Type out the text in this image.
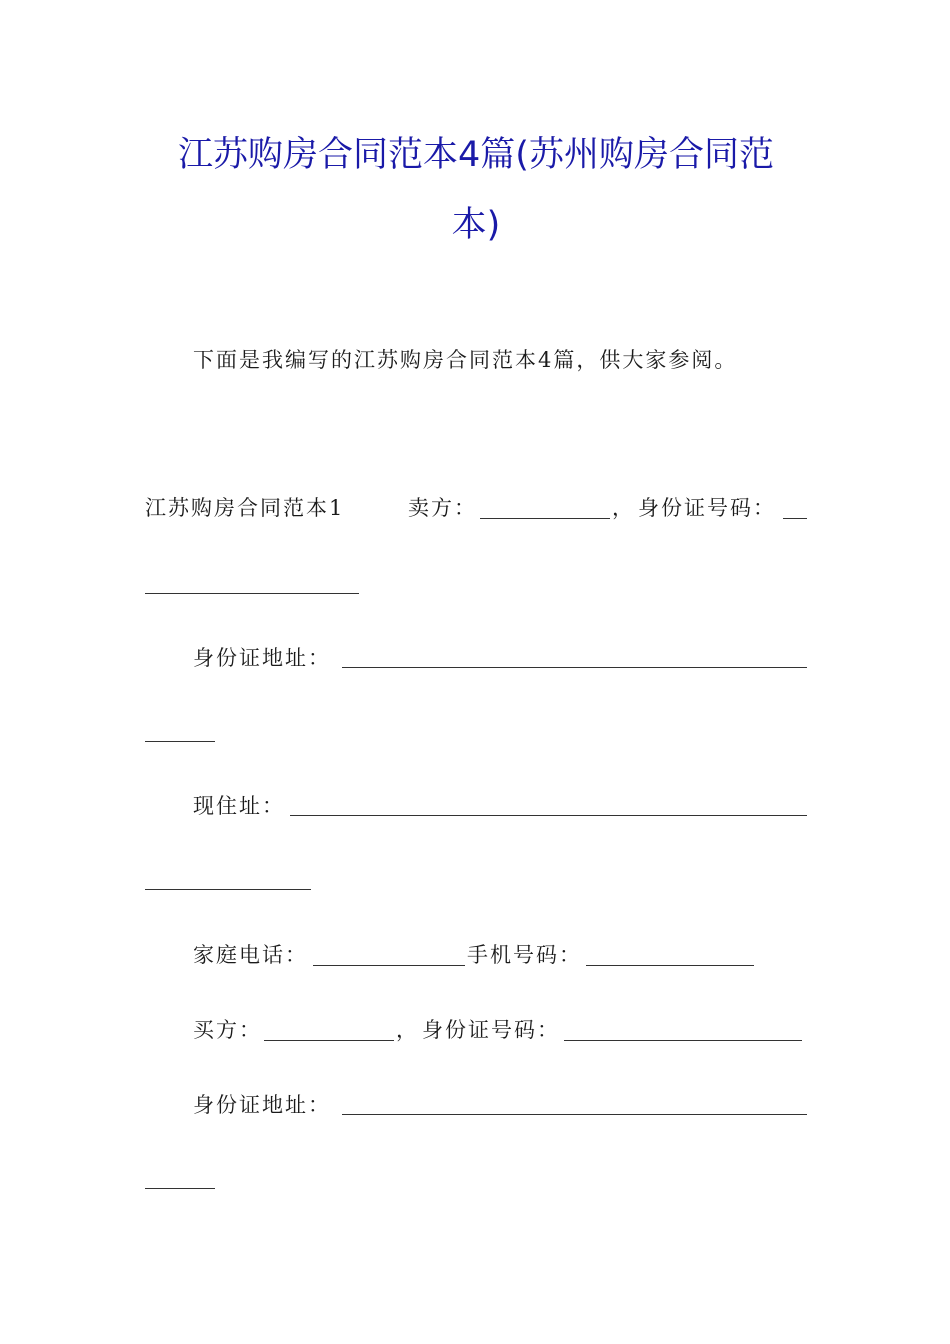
江苏购房合同范本4篇(苏州购房合同范
本)
下面是我编写的江苏购房合同范本4篇，供大家参阅。
江苏购房合同范本1	卖方：	， 身份证号码：
身份证地址：
现住址：
家庭电话：	手机号码：
买方：	， 身份证号码：
身份证地址：
